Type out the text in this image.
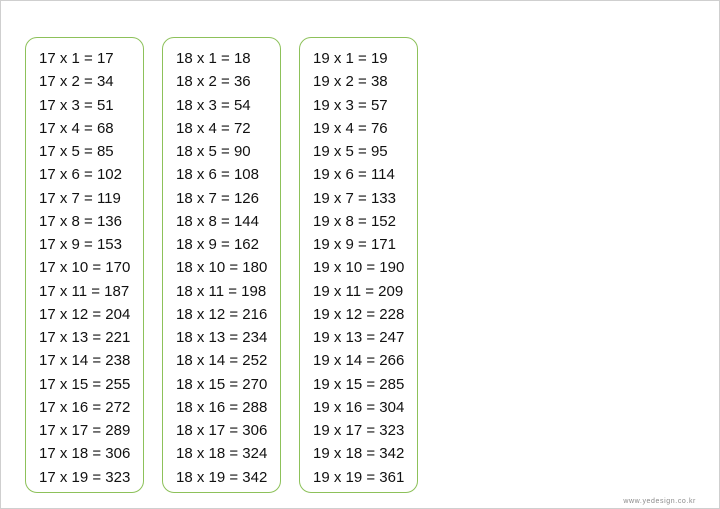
17 x 1 = 17
17 x 2 = 34
17 x 3 = 51
17 x 4 = 68
17 x 5 = 85
17 x 6 = 102
17 x 7 = 119
17 x 8 = 136
17 x 9 = 153
17 x 10 = 170
17 x 11 = 187
17 x 12 = 204
17 x 13 = 221
17 x 14 = 238
17 x 15 = 255
17 x 16 = 272
17 x 17 = 289
17 x 18 = 306
17 x 19 = 323
18 x 1 = 18
18 x 2 = 36
18 x 3 = 54
18 x 4 = 72
18 x 5 = 90
18 x 6 = 108
18 x 7 = 126
18 x 8 = 144
18 x 9 = 162
18 x 10 = 180
18 x 11 = 198
18 x 12 = 216
18 x 13 = 234
18 x 14 = 252
18 x 15 = 270
18 x 16 = 288
18 x 17 = 306
18 x 18 = 324
18 x 19 = 342
19 x 1 = 19
19 x 2 = 38
19 x 3 = 57
19 x 4 = 76
19 x 5 = 95
19 x 6 = 114
19 x 7 = 133
19 x 8 = 152
19 x 9 = 171
19 x 10 = 190
19 x 11 = 209
19 x 12 = 228
19 x 13 = 247
19 x 14 = 266
19 x 15 = 285
19 x 16 = 304
19 x 17 = 323
19 x 18 = 342
19 x 19 = 361
www.yedesign.co.kr
